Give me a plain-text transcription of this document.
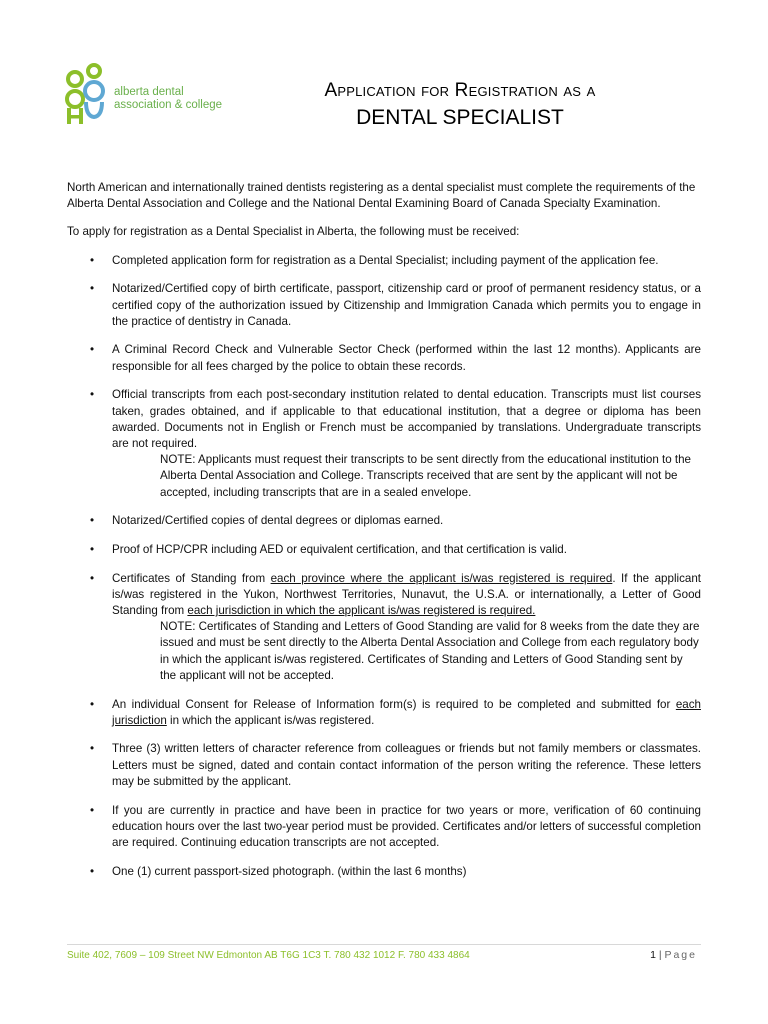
alberta dental
association & college
Application for Registration as a
DENTAL SPECIALIST

North American and internationally trained dentists registering as a dental specialist must complete the requirements of the Alberta Dental Association and College and the National Dental Examining Board of Canada Specialty Examination.

To apply for registration as a Dental Specialist in Alberta, the following must be received:

• Completed application form for registration as a Dental Specialist; including payment of the application fee.
• Notarized/Certified copy of birth certificate, passport, citizenship card or proof of permanent residency status, or a certified copy of the authorization issued by Citizenship and Immigration Canada which permits you to engage in the practice of dentistry in Canada.
• A Criminal Record Check and Vulnerable Sector Check (performed within the last 12 months). Applicants are responsible for all fees charged by the police to obtain these records.
• Official transcripts from each post-secondary institution related to dental education. Transcripts must list courses taken, grades obtained, and if applicable to that educational institution, that a degree or diploma has been awarded. Documents not in English or French must be accompanied by translations. Undergraduate transcripts are not required.
NOTE: Applicants must request their transcripts to be sent directly from the educational institution to the Alberta Dental Association and College. Transcripts received that are sent by the applicant will not be accepted, including transcripts that are in a sealed envelope.
• Notarized/Certified copies of dental degrees or diplomas earned.
• Proof of HCP/CPR including AED or equivalent certification, and that certification is valid.
• Certificates of Standing from each province where the applicant is/was registered is required. If the applicant is/was registered in the Yukon, Northwest Territories, Nunavut, the U.S.A. or internationally, a Letter of Good Standing from each jurisdiction in which the applicant is/was registered is required.
NOTE: Certificates of Standing and Letters of Good Standing are valid for 8 weeks from the date they are issued and must be sent directly to the Alberta Dental Association and College from each regulatory body in which the applicant is/was registered. Certificates of Standing and Letters of Good Standing sent by the applicant will not be accepted.
• An individual Consent for Release of Information form(s) is required to be completed and submitted for each jurisdiction in which the applicant is/was registered.
• Three (3) written letters of character reference from colleagues or friends but not family members or classmates. Letters must be signed, dated and contain contact information of the person writing the reference. These letters may be submitted by the applicant.
• If you are currently in practice and have been in practice for two years or more, verification of 60 continuing education hours over the last two-year period must be provided. Certificates and/or letters of successful completion are required. Continuing education transcripts are not accepted.
• One (1) current passport-sized photograph. (within the last 6 months)
Suite 402, 7609 – 109 Street NW Edmonton AB T6G 1C3 T. 780 432 1012 F. 780 433 4864	1 | Page
